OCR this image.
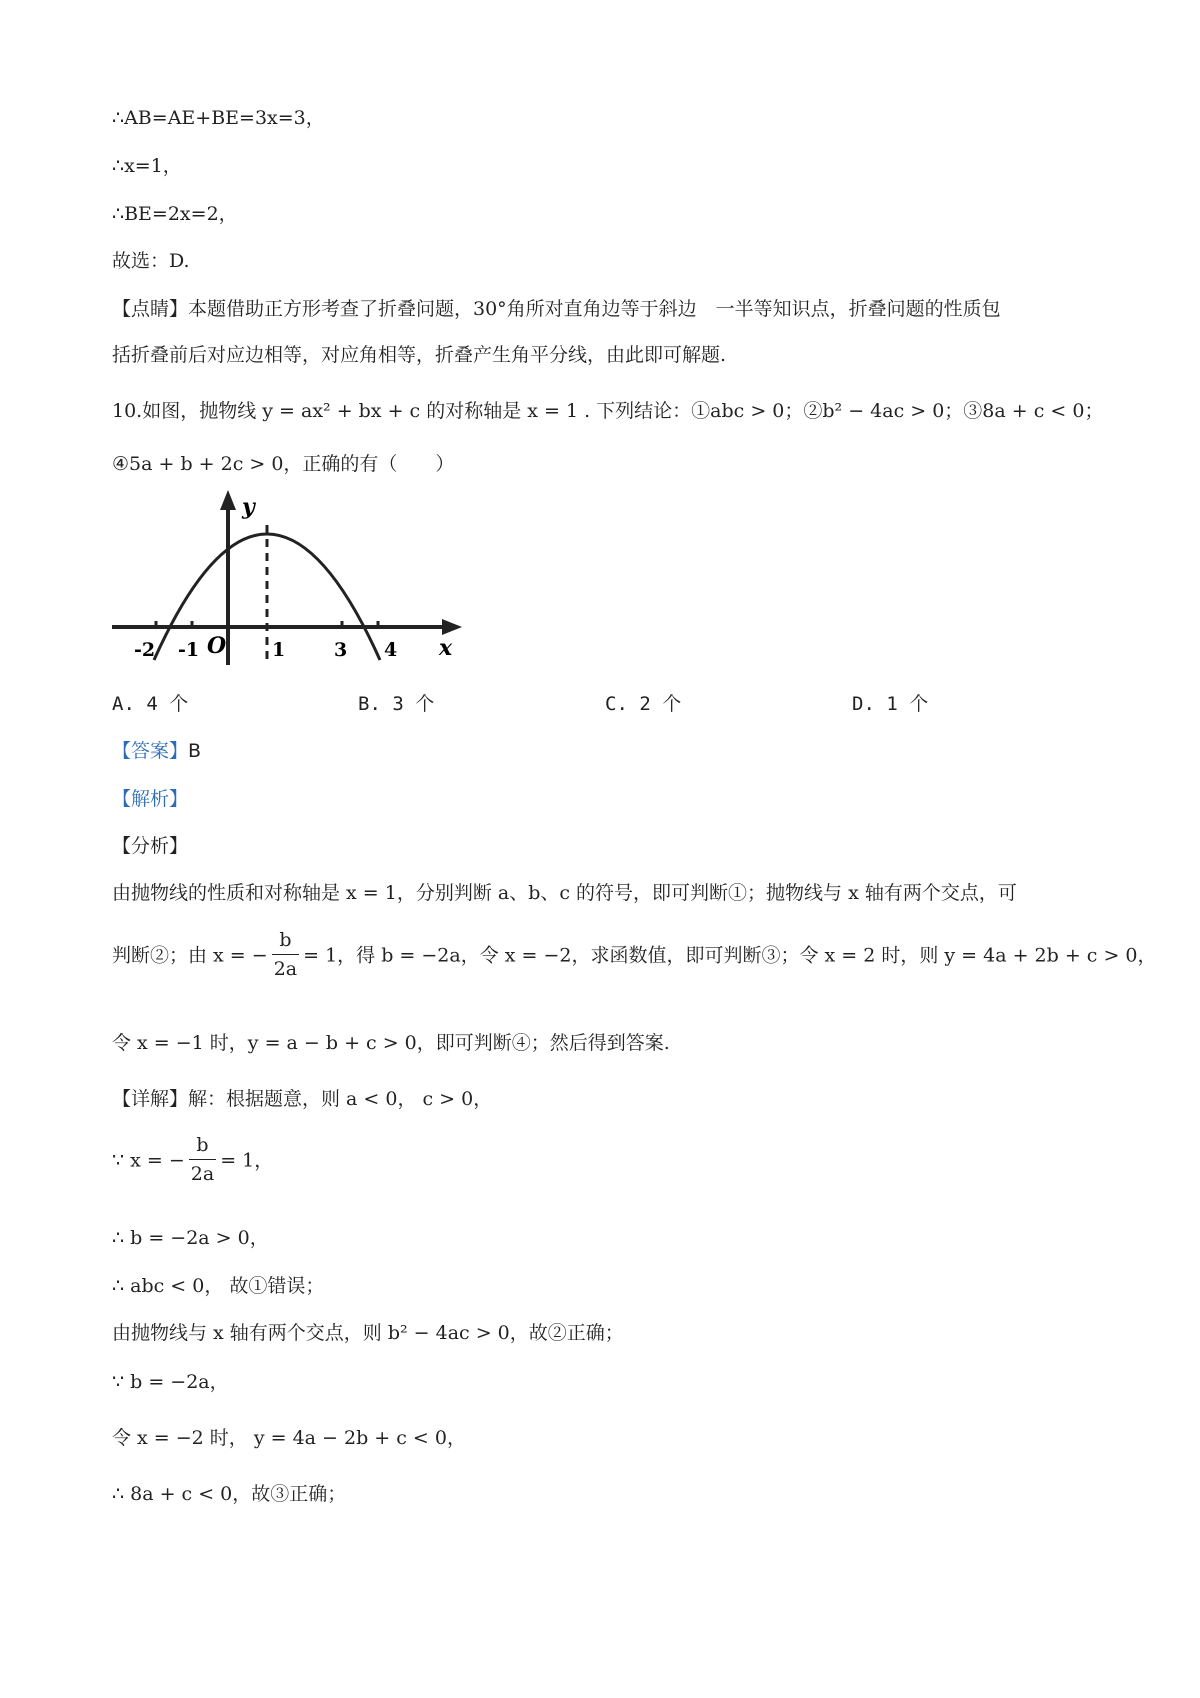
∴AB=AE+BE=3x=3，
∴x=1，
∴BE=2x=2，
故选：D.
【点睛】本题借助正方形考查了折叠问题，30°角所对直角边等于斜边　一半等知识点，折叠问题的性质包
括折叠前后对应边相等，对应角相等，折叠产生角平分线，由此即可解题.
10.如图，抛物线 y = ax² + bx + c 的对称轴是 x = 1 . 下列结论：①abc > 0；②b² − 4ac > 0；③8a + c < 0；
④5a + b + 2c > 0，正确的有（　　）
y
x
O
-2 -1	1	3 4
A. 4 个	B. 3 个	C. 2 个	D. 1 个
【答案】B
【解析】
【分析】
由抛物线的性质和对称轴是 x = 1，分别判断 a、b、c 的符号，即可判断①；抛物线与 x 轴有两个交点，可
判断②；由 x = − $\frac{b}{2a} = 1$，得 b = −2a，令 x = −2，求函数值，即可判断③；令 x = 2 时，则 y = 4a + 2b + c > 0，
令 x = −1 时，y = a − b + c > 0，即可判断④；然后得到答案.
【详解】解：根据题意，则 a < 0， c > 0，
∵ x = − $\frac{b}{2a} = 1$，
∴ b = −2a > 0，
∴ abc < 0， 故①错误；
由抛物线与 x 轴有两个交点，则 b² − 4ac > 0，故②正确；
∵ b = −2a，
令 x = −2 时， y = 4a − 2b + c < 0，
∴ 8a + c < 0，故③正确；
